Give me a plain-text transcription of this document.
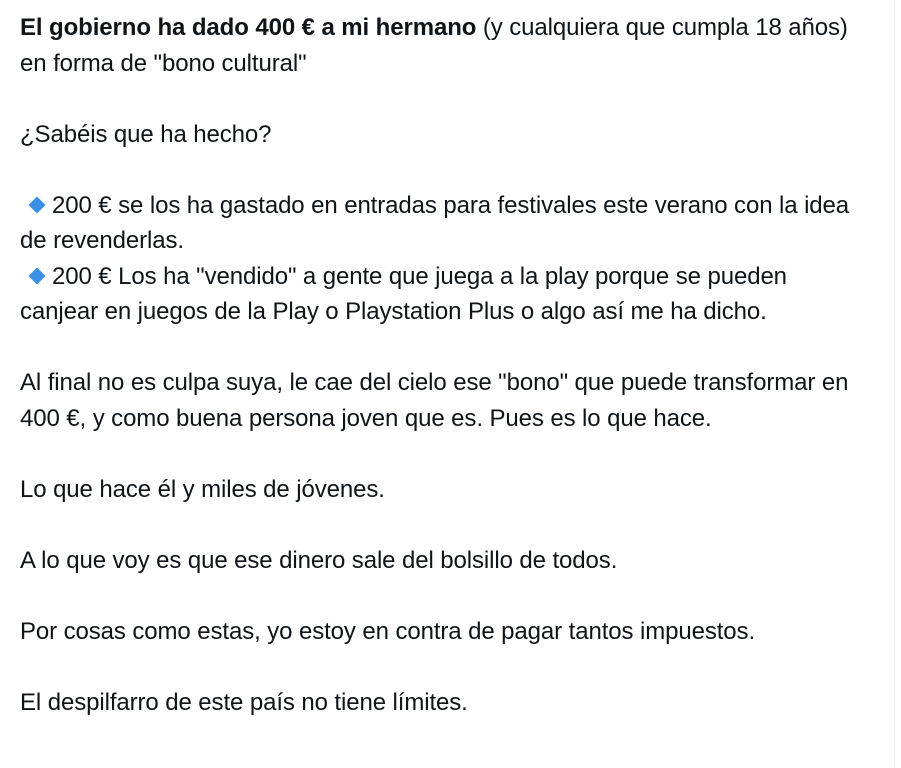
El gobierno ha dado 400 € a mi hermano (y cualquiera que cumpla 18 años) en forma de "bono cultural"

¿Sabéis que ha hecho?

200 € se los ha gastado en entradas para festivales este verano con la idea de revenderlas.

200 € Los ha "vendido" a gente que juega a la play porque se pueden canjear en juegos de la Play o Playstation Plus o algo así me ha dicho.

Al final no es culpa suya, le cae del cielo ese "bono" que puede transformar en 400 €, y como buena persona joven que es. Pues es lo que hace.

Lo que hace él y miles de jóvenes.

A lo que voy es que ese dinero sale del bolsillo de todos.

Por cosas como estas, yo estoy en contra de pagar tantos impuestos.

El despilfarro de este país no tiene límites.
